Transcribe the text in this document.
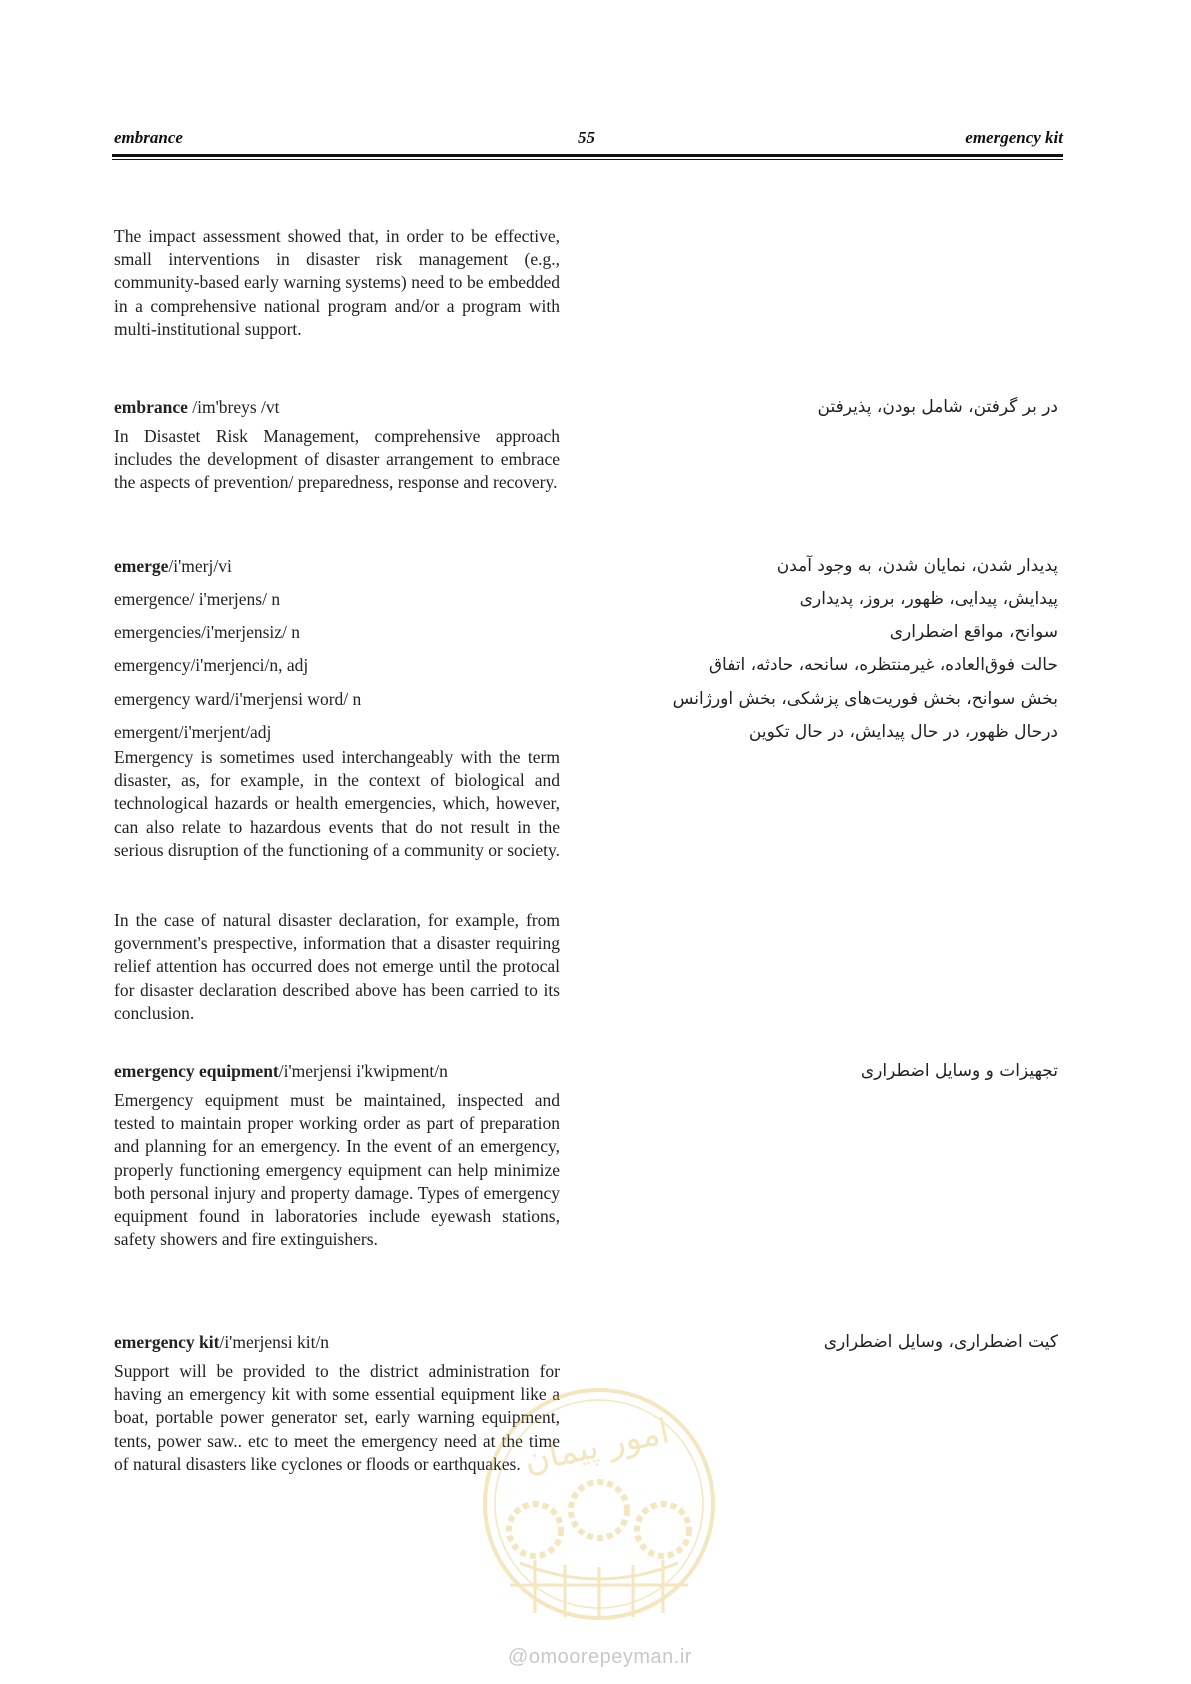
embrance	55	emergency kit
The impact assessment showed that, in order to be effective, small interventions in disaster risk management (e.g., community-based early warning systems) need to be embedded in a comprehensive national program and/or a program with multi-institutional support.
embrance /im'breys /vt	در بر گرفتن، شامل بودن، پذیرفتن
In Disastet Risk Management, comprehensive approach includes the development of disaster arrangement to embrace the aspects of prevention/ preparedness, response and recovery.
emerge/i'merj/vi	پدیدار شدن، نمایان شدن، به وجود آمدن
emergence/ i'merjens/ n	پیدایش، پیدایی، ظهور، بروز، پدیداری
emergencies/i'merjensiz/ n	سوانح، مواقع اضطراری
emergency/i'merjenci/n, adj	حالت فوق‌العاده، غیرمنتظره، سانحه، حادثه، اتفاق
emergency ward/i'merjensi word/ n	بخش سوانح، بخش فوریت‌های پزشکی، بخش اورژانس
emergent/i'merjent/adj	درحال ظهور، در حال پیدایش، در حال تکوین
Emergency is sometimes used interchangeably with the term disaster, as, for example, in the context of biological and technological hazards or health emergencies, which, however, can also relate to hazardous events that do not result in the serious disruption of the functioning of a community or society.
In the case of natural disaster declaration, for example, from government's prespective, information that a disaster requiring relief attention has occurred does not emerge until the protocal for disaster declaration described above has been carried to its conclusion.
emergency equipment/i'merjensi i'kwipment/n	تجهیزات و وسایل اضطراری
Emergency equipment must be maintained, inspected and tested to maintain proper working order as part of preparation and planning for an emergency. In the event of an emergency, properly functioning emergency equipment can help minimize both personal injury and property damage. Types of emergency equipment found in laboratories include eyewash stations, safety showers and fire extinguishers.
emergency kit/i'merjensi kit/n	کیت اضطراری، وسایل اضطراری
Support will be provided to the district administration for having an emergency kit with some essential equipment like a boat, portable power generator set, early warning equipment, tents, power saw.. etc to meet the emergency need at the time of natural disasters like cyclones or floods or earthquakes. امور پیمان
@omoorepeyman.ir
